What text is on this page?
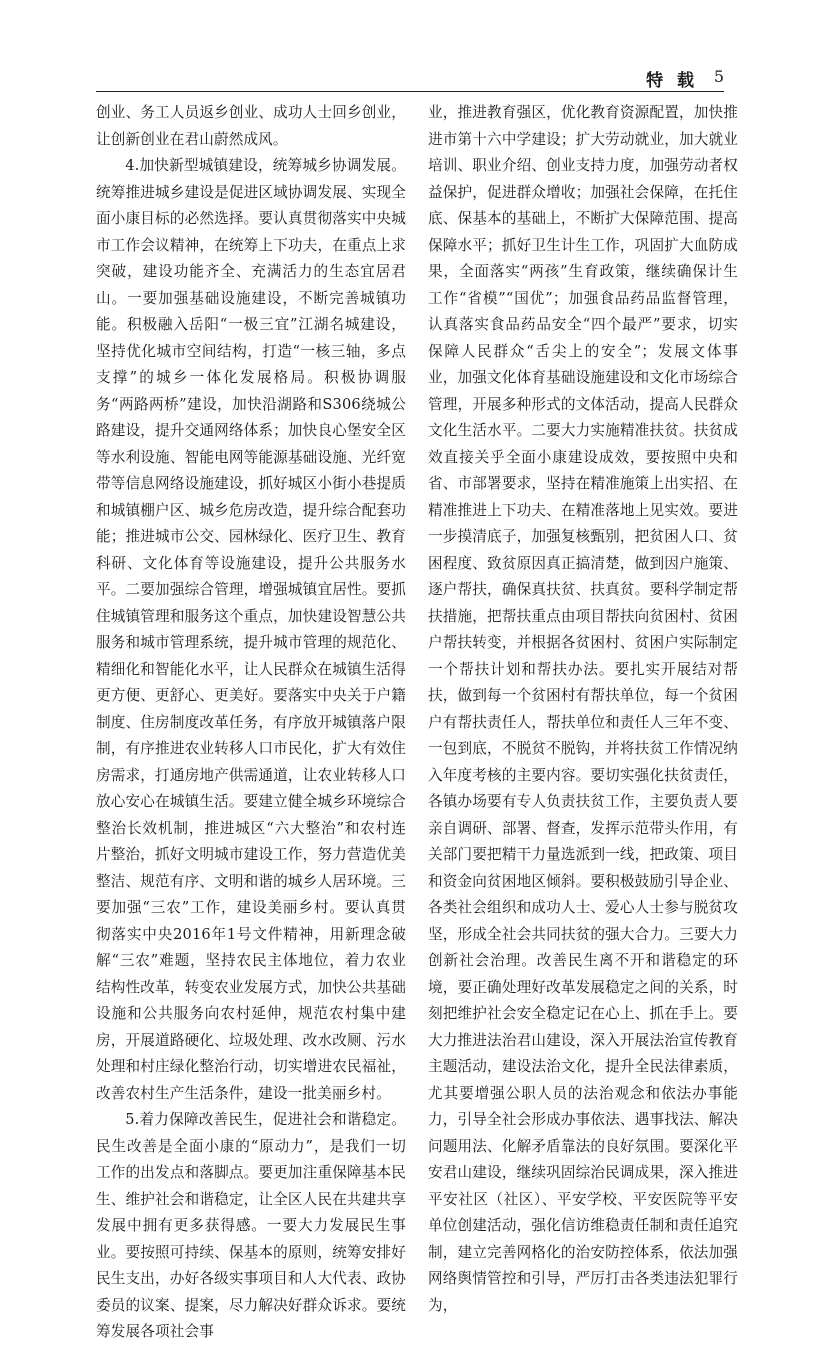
特 载 5

创业、务工人员返乡创业、成功人士回乡创业，让创新创业在君山蔚然成风。

4.加快新型城镇建设，统筹城乡协调发展。统筹推进城乡建设是促进区域协调发展、实现全面小康目标的必然选择。要认真贯彻落实中央城市工作会议精神，在统筹上下功夫，在重点上求突破，建设功能齐全、充满活力的生态宜居君山。一要加强基础设施建设，不断完善城镇功能。积极融入岳阳“一极三宜”江湖名城建设，坚持优化城市空间结构，打造“一核三轴，多点支撑”的城乡一体化发展格局。积极协调服务“两路两桥”建设，加快沿湖路和S306绕城公路建设，提升交通网络体系；加快良心堡安全区等水利设施、智能电网等能源基础设施、光纤宽带等信息网络设施建设，抓好城区小街小巷提质和城镇棚户区、城乡危房改造，提升综合配套功能；推进城市公交、园林绿化、医疗卫生、教育科研、文化体育等设施建设，提升公共服务水平。二要加强综合管理，增强城镇宜居性。要抓住城镇管理和服务这个重点，加快建设智慧公共服务和城市管理系统，提升城市管理的规范化、精细化和智能化水平，让人民群众在城镇生活得更方便、更舒心、更美好。要落实中央关于户籍制度、住房制度改革任务，有序放开城镇落户限制，有序推进农业转移人口市民化，扩大有效住房需求，打通房地产供需通道，让农业转移人口放心安心在城镇生活。要建立健全城乡环境综合整治长效机制，推进城区“六大整治”和农村连片整治，抓好文明城市建设工作，努力营造优美整洁、规范有序、文明和谐的城乡人居环境。三要加强“三农”工作，建设美丽乡村。要认真贯彻落实中央2016年1号文件精神，用新理念破解“三农”难题，坚持农民主体地位，着力农业结构性改革，转变农业发展方式，加快公共基础设施和公共服务向农村延伸，规范农村集中建房，开展道路硬化、垃圾处理、改水改厕、污水处理和村庄绿化整治行动，切实增进农民福祉，改善农村生产生活条件，建设一批美丽乡村。

5.着力保障改善民生，促进社会和谐稳定。民生改善是全面小康的“原动力”，是我们一切工作的出发点和落脚点。要更加注重保障基本民生、维护社会和谐稳定，让全区人民在共建共享发展中拥有更多获得感。一要大力发展民生事业。要按照可持续、保基本的原则，统筹安排好民生支出，办好各级实事项目和人大代表、政协委员的议案、提案，尽力解决好群众诉求。要统筹发展各项社会事

业，推进教育强区，优化教育资源配置，加快推进市第十六中学建设；扩大劳动就业，加大就业培训、职业介绍、创业支持力度，加强劳动者权益保护，促进群众增收；加强社会保障，在托住底、保基本的基础上，不断扩大保障范围、提高保障水平；抓好卫生计生工作，巩固扩大血防成果，全面落实“两孩”生育政策，继续确保计生工作“省模”“国优”；加强食品药品监督管理，认真落实食品药品安全“四个最严”要求，切实保障人民群众“舌尖上的安全”；发展文体事业，加强文化体育基础设施建设和文化市场综合管理，开展多种形式的文体活动，提高人民群众文化生活水平。二要大力实施精准扶贫。扶贫成效直接关乎全面小康建设成效，要按照中央和省、市部署要求，坚持在精准施策上出实招、在精准推进上下功夫、在精准落地上见实效。要进一步摸清底子，加强复核甄别，把贫困人口、贫困程度、致贫原因真正搞清楚，做到因户施策、逐户帮扶，确保真扶贫、扶真贫。要科学制定帮扶措施，把帮扶重点由项目帮扶向贫困村、贫困户帮扶转变，并根据各贫困村、贫困户实际制定一个帮扶计划和帮扶办法。要扎实开展结对帮扶，做到每一个贫困村有帮扶单位，每一个贫困户有帮扶责任人，帮扶单位和责任人三年不变、一包到底，不脱贫不脱钩，并将扶贫工作情况纳入年度考核的主要内容。要切实强化扶贫责任，各镇办场要有专人负责扶贫工作，主要负责人要亲自调研、部署、督查，发挥示范带头作用，有关部门要把精干力量选派到一线，把政策、项目和资金向贫困地区倾斜。要积极鼓励引导企业、各类社会组织和成功人士、爱心人士参与脱贫攻坚，形成全社会共同扶贫的强大合力。三要大力创新社会治理。改善民生离不开和谐稳定的环境，要正确处理好改革发展稳定之间的关系，时刻把维护社会安全稳定记在心上、抓在手上。要大力推进法治君山建设，深入开展法治宣传教育主题活动，建设法治文化，提升全民法律素质，尤其要增强公职人员的法治观念和依法办事能力，引导全社会形成办事依法、遇事找法、解决问题用法、化解矛盾靠法的良好氛围。要深化平安君山建设，继续巩固综治民调成果，深入推进平安社区（社区）、平安学校、平安医院等平安单位创建活动，强化信访维稳责任制和责任追究制，建立完善网格化的治安防控体系，依法加强网络舆情管控和引导，严厉打击各类违法犯罪行为，
